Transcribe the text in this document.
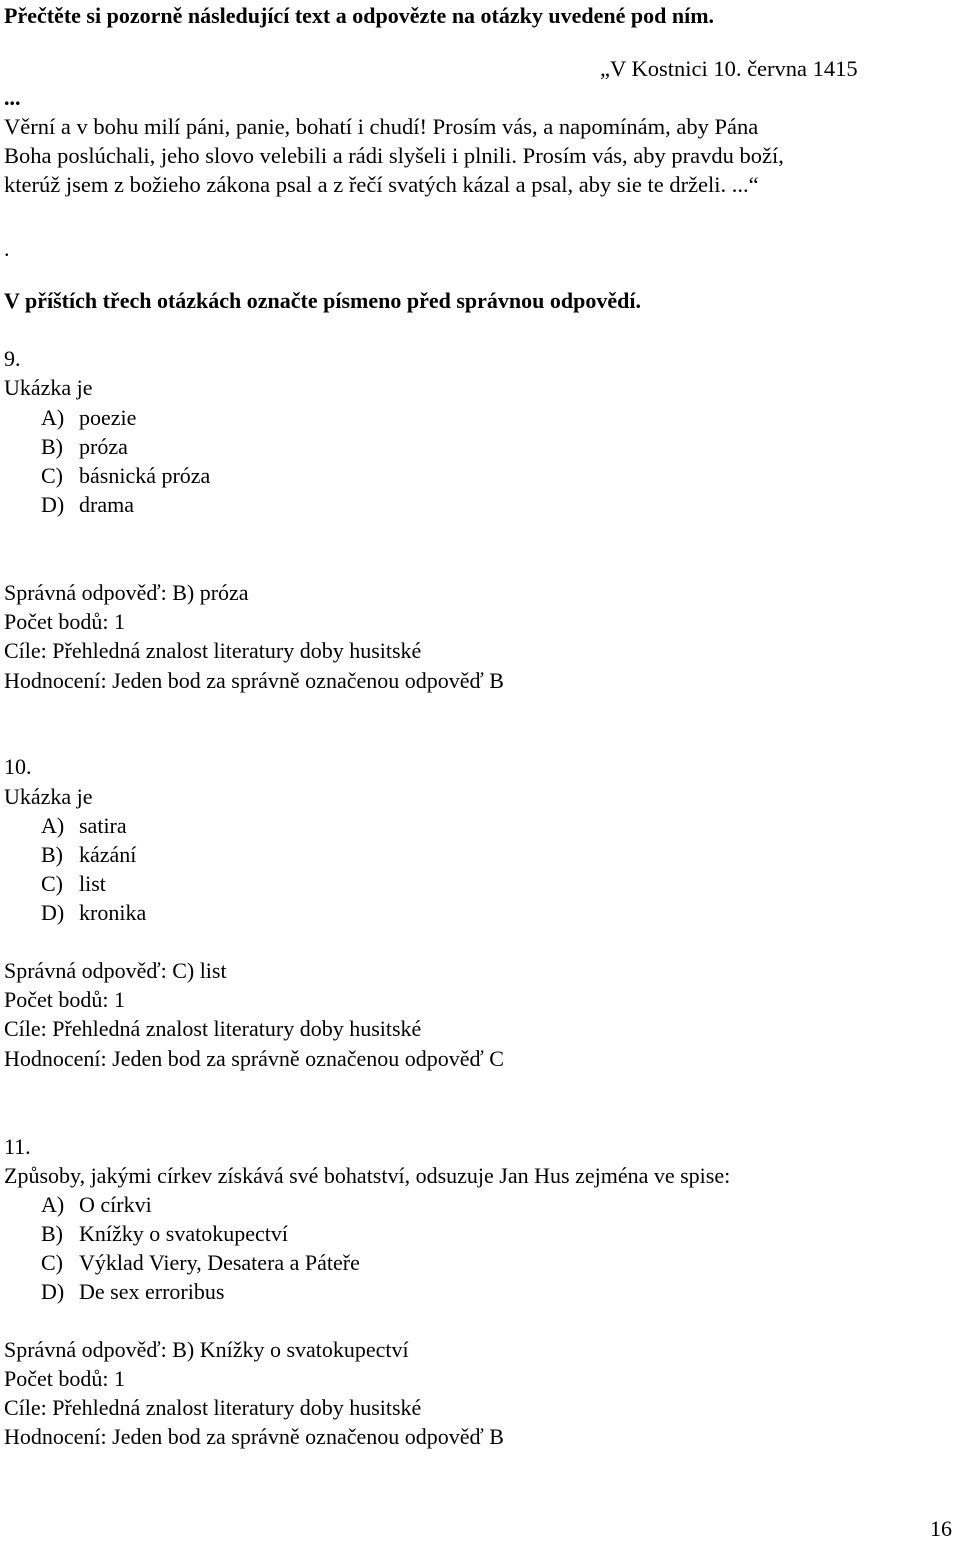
Přečtěte si pozorně následující text a odpovězte na otázky uvedené pod ním.
„V Kostnici 10. června 1415
...
Věrní a v bohu milí páni, panie, bohatí i chudí! Prosím vás, a napomínám, aby Pána
Boha poslúchali, jeho slovo velebili a rádi slyšeli i plnili. Prosím vás, aby pravdu boží,
kterúž jsem z božieho zákona psal a z řečí svatých kázal a psal, aby sie te drželi. ...“
.
V příštích třech otázkách označte písmeno před správnou odpovědí.
9.
Ukázka je
A) poezie
B) próza
C) básnická próza
D) drama
Správná odpověď: B) próza
Počet bodů: 1
Cíle: Přehledná znalost literatury doby husitské
Hodnocení: Jeden bod za správně označenou odpověď B
10.
Ukázka je
A) satira
B) kázání
C) list
D) kronika
Správná odpověď: C) list
Počet bodů: 1
Cíle: Přehledná znalost literatury doby husitské
Hodnocení: Jeden bod za správně označenou odpověď C
11.
Způsoby, jakými církev získává své bohatství, odsuzuje Jan Hus zejména ve spise:
A) O církvi
B) Knížky o svatokupectví
C) Výklad Viery, Desatera a Páteře
D) De sex erroribus
Správná odpověď: B) Knížky o svatokupectví
Počet bodů: 1
Cíle: Přehledná znalost literatury doby husitské
Hodnocení: Jeden bod za správně označenou odpověď B
16
